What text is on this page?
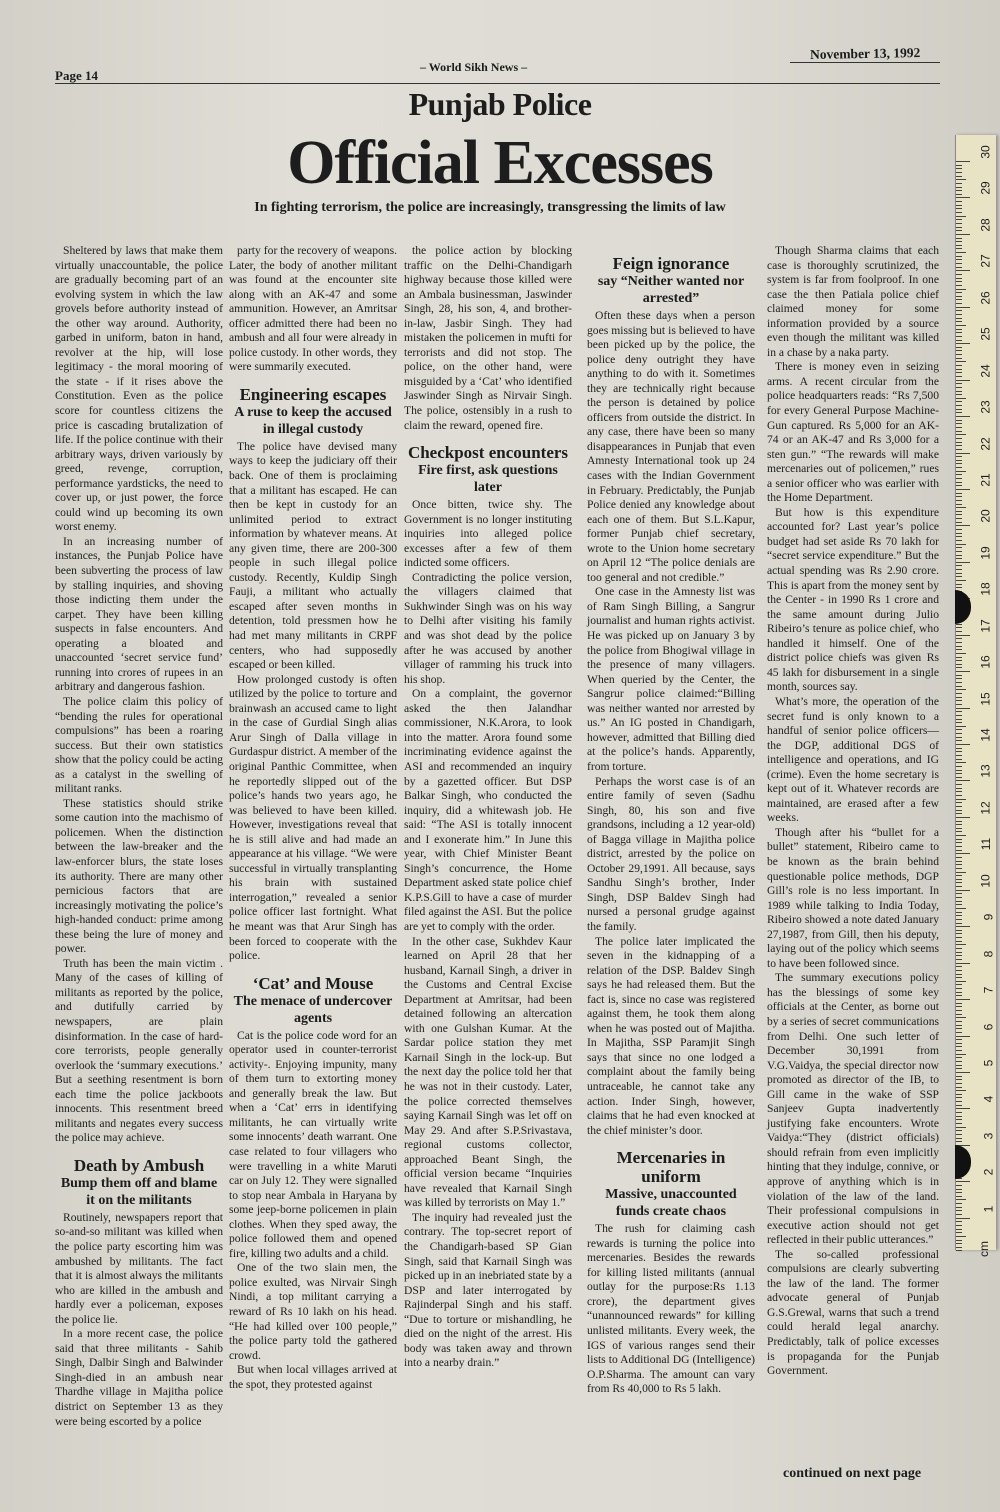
Page 14
– World Sikh News –
November 13, 1992
Punjab Police
Official Excesses
In fighting terrorism, the police are increasingly, transgressing the limits of law

Sheltered by laws that make them virtually unaccountable, the police are gradually becoming part of an evolving system in which the law grovels before authority instead of the other way around. Authority, garbed in uniform, baton in hand, revolver at the hip, will lose legitimacy - the moral mooring of the state - if it rises above the Constitution. Even as the police score for countless citizens the price is cascading brutalization of life. If the police continue with their arbitrary ways, driven variously by greed, revenge, corruption, performance yardsticks, the need to cover up, or just power, the force could wind up becoming its own worst enemy.

In an increasing number of instances, the Punjab Police have been subverting the process of law by stalling inquiries, and shoving those indicting them under the carpet. They have been killing suspects in false encounters. And operating a bloated and unaccounted ‘secret service fund’ running into crores of rupees in an arbitrary and dangerous fashion.

The police claim this policy of “bending the rules for operational compulsions” has been a roaring success. But their own statistics show that the policy could be acting as a catalyst in the swelling of militant ranks.

These statistics should strike some caution into the machismo of policemen. When the distinction between the law-breaker and the law-enforcer blurs, the state loses its authority. There are many other pernicious factors that are increasingly motivating the police’s high-handed conduct: prime among these being the lure of money and power.

Truth has been the main victim . Many of the cases of killing of militants as reported by the police, and dutifully carried by newspapers, are plain disinformation. In the case of hard-core terrorists, people generally overlook the ‘summary executions.’ But a seething resentment is born each time the police jackboots innocents. This resentment breed militants and negates every success the police may achieve.

Death by Ambush
Bump them off and blame it on the militants

Routinely, newspapers report that so-and-so militant was killed when the police party escorting him was ambushed by militants. The fact that it is almost always the militants who are killed in the ambush and hardly ever a policeman, exposes the police lie.

In a more recent case, the police said that three militants - Sahib Singh, Dalbir Singh and Balwinder Singh-died in an ambush near Thardhe village in Majitha police district on September 13 as they were being escorted by a police

party for the recovery of weapons. Later, the body of another militant was found at the encounter site along with an AK-47 and some ammunition. However, an Amritsar officer admitted there had been no ambush and all four were already in police custody. In other words, they were summarily executed.

Engineering escapes
A ruse to keep the accused in illegal custody

The police have devised many ways to keep the judiciary off their back. One of them is proclaiming that a militant has escaped. He can then be kept in custody for an unlimited period to extract information by whatever means. At any given time, there are 200-300 people in such illegal police custody. Recently, Kuldip Singh Fauji, a militant who actually escaped after seven months in detention, told pressmen how he had met many militants in CRPF centers, who had supposedly escaped or been killed.

How prolonged custody is often utilized by the police to torture and brainwash an accused came to light in the case of Gurdial Singh alias Arur Singh of Dalla village in Gurdaspur district. A member of the original Panthic Committee, when he reportedly slipped out of the police’s hands two years ago, he was believed to have been killed. However, investigations reveal that he is still alive and had made an appearance at his village. “We were successful in virtually transplanting his brain with sustained interrogation,” revealed a senior police officer last fortnight. What he meant was that Arur Singh has been forced to cooperate with the police.

‘Cat’ and Mouse
The menace of undercover agents

Cat is the police code word for an operator used in counter-terrorist activity-. Enjoying impunity, many of them turn to extorting money and generally break the law. But when a ‘Cat’ errs in identifying militants, he can virtually write some innocents’ death warrant. One case related to four villagers who were travelling in a white Maruti car on July 12. They were signalled to stop near Ambala in Haryana by some jeep-borne policemen in plain clothes. When they sped away, the police followed them and opened fire, killing two adults and a child.

One of the two slain men, the police exulted, was Nirvair Singh Nindi, a top militant carrying a reward of Rs 10 lakh on his head. “He had killed over 100 people,” the police party told the gathered crowd.

But when local villages arrived at the spot, they protested against

the police action by blocking traffic on the Delhi-Chandigarh highway because those killed were an Ambala businessman, Jaswinder Singh, 28, his son, 4, and brother-in-law, Jasbir Singh. They had mistaken the policemen in mufti for terrorists and did not stop. The police, on the other hand, were misguided by a ‘Cat’ who identified Jaswinder Singh as Nirvair Singh. The police, ostensibly in a rush to claim the reward, opened fire.

Checkpost encounters
Fire first, ask questions later

Once bitten, twice shy. The Government is no longer instituting inquiries into alleged police excesses after a few of them indicted some officers.

Contradicting the police version, the villagers claimed that Sukhwinder Singh was on his way to Delhi after visiting his family and was shot dead by the police after he was accused by another villager of ramming his truck into his shop.

On a complaint, the governor asked the then Jalandhar commissioner, N.K.Arora, to look into the matter. Arora found some incriminating evidence against the ASI and recommended an inquiry by a gazetted officer. But DSP Balkar Singh, who conducted the inquiry, did a whitewash job. He said: “The ASI is totally innocent and I exonerate him.” In June this year, with Chief Minister Beant Singh’s concurrence, the Home Department asked state police chief K.P.S.Gill to have a case of murder filed against the ASI. But the police are yet to comply with the order.

In the other case, Sukhdev Kaur learned on April 28 that her husband, Karnail Singh, a driver in the Customs and Central Excise Department at Amritsar, had been detained following an altercation with one Gulshan Kumar. At the Sardar police station they met Karnail Singh in the lock-up. But the next day the police told her that he was not in their custody. Later, the police corrected themselves saying Karnail Singh was let off on May 29. And after S.P.Srivastava, regional customs collector, approached Beant Singh, the official version became “Inquiries have revealed that Karnail Singh was killed by terrorists on May 1.”

The inquiry had revealed just the contrary. The top-secret report of the Chandigarh-based SP Gian Singh, said that Karnail Singh was picked up in an inebriated state by a DSP and later interrogated by Rajinderpal Singh and his staff. “Due to torture or mishandling, he died on the night of the arrest. His body was taken away and thrown into a nearby drain.”

Feign ignorance
say “Neither wanted nor arrested”

Often these days when a person goes missing but is believed to have been picked up by the police, the police deny outright they have anything to do with it. Sometimes they are technically right because the person is detained by police officers from outside the district. In any case, there have been so many disappearances in Punjab that even Amnesty International took up 24 cases with the Indian Government in February. Predictably, the Punjab Police denied any knowledge about each one of them. But S.L.Kapur, former Punjab chief secretary, wrote to the Union home secretary on April 12 “The police denials are too general and not credible.”

One case in the Amnesty list was of Ram Singh Billing, a Sangrur journalist and human rights activist. He was picked up on January 3 by the police from Bhogiwal village in the presence of many villagers. When queried by the Center, the Sangrur police claimed:“Billing was neither wanted nor arrested by us.” An IG posted in Chandigarh, however, admitted that Billing died at the police’s hands. Apparently, from torture.

Perhaps the worst case is of an entire family of seven (Sadhu Singh, 80, his son and five grandsons, including a 12 year-old) of Bagga village in Majitha police district, arrested by the police on October 29,1991. All because, says Sandhu Singh’s brother, Inder Singh, DSP Baldev Singh had nursed a personal grudge against the family.

The police later implicated the seven in the kidnapping of a relation of the DSP. Baldev Singh says he had released them. But the fact is, since no case was registered against them, he took them along when he was posted out of Majitha. In Majitha, SSP Paramjit Singh says that since no one lodged a complaint about the family being untraceable, he cannot take any action. Inder Singh, however, claims that he had even knocked at the chief minister’s door.

Mercenaries in uniform
Massive, unaccounted funds create chaos

The rush for claiming cash rewards is turning the police into mercenaries. Besides the rewards for killing listed militants (annual outlay for the purpose:Rs 1.13 crore), the department gives “unannounced rewards” for killing unlisted militants. Every week, the IGS of various ranges send their lists to Additional DG (Intelligence) O.P.Sharma. The amount can vary from Rs 40,000 to Rs 5 lakh.

Though Sharma claims that each case is thoroughly scrutinized, the system is far from foolproof. In one case the then Patiala police chief claimed money for some information provided by a source even though the militant was killed in a chase by a naka party.

There is money even in seizing arms. A recent circular from the police headquarters reads: “Rs 7,500 for every General Purpose Machine-Gun captured. Rs 5,000 for an AK-74 or an AK-47 and Rs 3,000 for a sten gun.” “The rewards will make mercenaries out of policemen,” rues a senior officer who was earlier with the Home Department.

But how is this expenditure accounted for? Last year’s police budget had set aside Rs 70 lakh for “secret service expenditure.” But the actual spending was Rs 2.90 crore. This is apart from the money sent by the Center - in 1990 Rs 1 crore and the same amount during Julio Ribeiro’s tenure as police chief, who handled it himself. One of the district police chiefs was given Rs 45 lakh for disbursement in a single month, sources say.

What’s more, the operation of the secret fund is only known to a handful of senior police officers—the DGP, additional DGS of intelligence and operations, and IG (crime). Even the home secretary is kept out of it. Whatever records are maintained, are erased after a few weeks.

Though after his “bullet for a bullet” statement, Ribeiro came to be known as the brain behind questionable police methods, DGP Gill’s role is no less important. In 1989 while talking to India Today, Ribeiro showed a note dated January 27,1987, from Gill, then his deputy, laying out of the policy which seems to have been followed since.

The summary executions policy has the blessings of some key officials at the Center, as borne out by a series of secret communications from Delhi. One such letter of December 30,1991 from V.G.Vaidya, the special director now promoted as director of the IB, to Gill came in the wake of SSP Sanjeev Gupta inadvertently justifying fake encounters. Wrote Vaidya:“They (district officials) should refrain from even implicitly hinting that they indulge, connive, or approve of anything which is in violation of the law of the land. Their professional compulsions in executive action should not get reflected in their public utterances.”

The so-called professional compulsions are clearly subverting the law of the land. The former advocate general of Punjab G.S.Grewal, warns that such a trend could herald legal anarchy. Predictably, talk of police excesses is propaganda for the Punjab Government.

continued on next page
30
29
28
27
26
25
24
23
22
21
20
19
18
17
16
15
14
13
12
11
10
9
8
7
6
5
4
3
2
1
cm
